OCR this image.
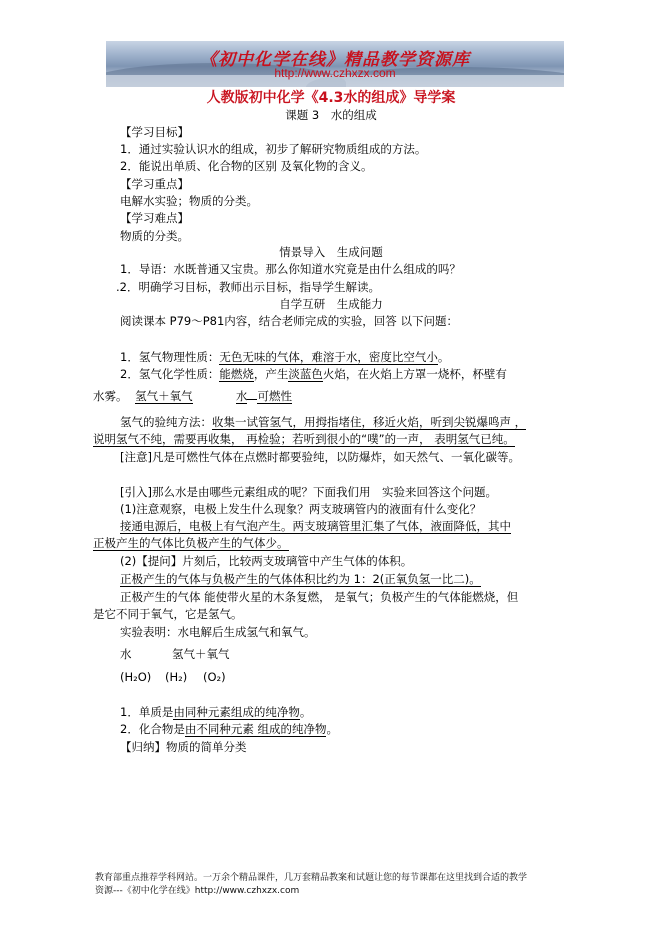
《初中化学在线》精品教学资源库
http://www.czhxzx.com
人教版初中化学《4.3水的组成》导学案
课题 3　水的组成
【学习目标】
1．通过实验认识水的组成，初步了解研究物质组成的方法。
2．能说出单质、化合物的区别 及氧化物的含义。
【学习重点】
电解水实验；物质的分类。
【学习难点】
物质的分类。
情景导入　生成问题
1．导语：水既普通又宝贵。那么你知道水究竟是由什么组成的吗？
.2．明确学习目标，教师出示目标，指导学生解读。
自学互研　生成能力
阅读课本 P79～P81内容，结合老师完成的实验，回答 以下问题：
1．氢气物理性质：无色无味的气体，难溶于水，密度比空气小。
2．氢气化学性质：能燃烧，产生淡蓝色火焰，在火焰上方罩一烧杯，杯壁有
水雾。 氢气＋氧气	水 可燃性
氢气的验纯方法：收集一试管氢气，用拇指堵住，移近火焰，听到尖锐爆鸣声 ，
说明氢气不纯，需要再收集， 再检验；若听到很小的“噗”的一声， 表明氢气已纯。
[注意]凡是可燃性气体在点燃时都要验纯，以防爆炸，如天然气、一氧化碳等。
[引入]那么水是由哪些元素组成的呢？下面我们用　实验来回答这个问题。
(1)注意观察，电极上发生什么现象？两支玻璃管内的液面有什么变化？
接通电源后，电极上有气泡产生。两支玻璃管里汇集了气体，液面降低，其中
正极产生的气体比负极产生的气体少。
(2)【提问】片刻后，比较两支玻璃管中产生气体的体积。
正极产生的气体与负极产生的气体体积比约为 1：2(正氧负氢一比二)。
正极产生的气体 能使带火星的木条复燃， 是氧气；负极产生的气体能燃烧，但
是它不同于氧气，它是氢气。
实验表明：水电解后生成氢气和氧气。
水	氢气＋氧气
(H₂O) (H₂) (O₂)
1．单质是由同种元素组成的纯净物。
2．化合物是由不同种元素 组成的纯净物。
【归纳】物质的简单分类
教育部重点推荐学科网站。一万余个精品课件，几万套精品教案和试题让您的每节课都在这里找到合适的教学
资源---《初中化学在线》http://www.czhxzx.com
